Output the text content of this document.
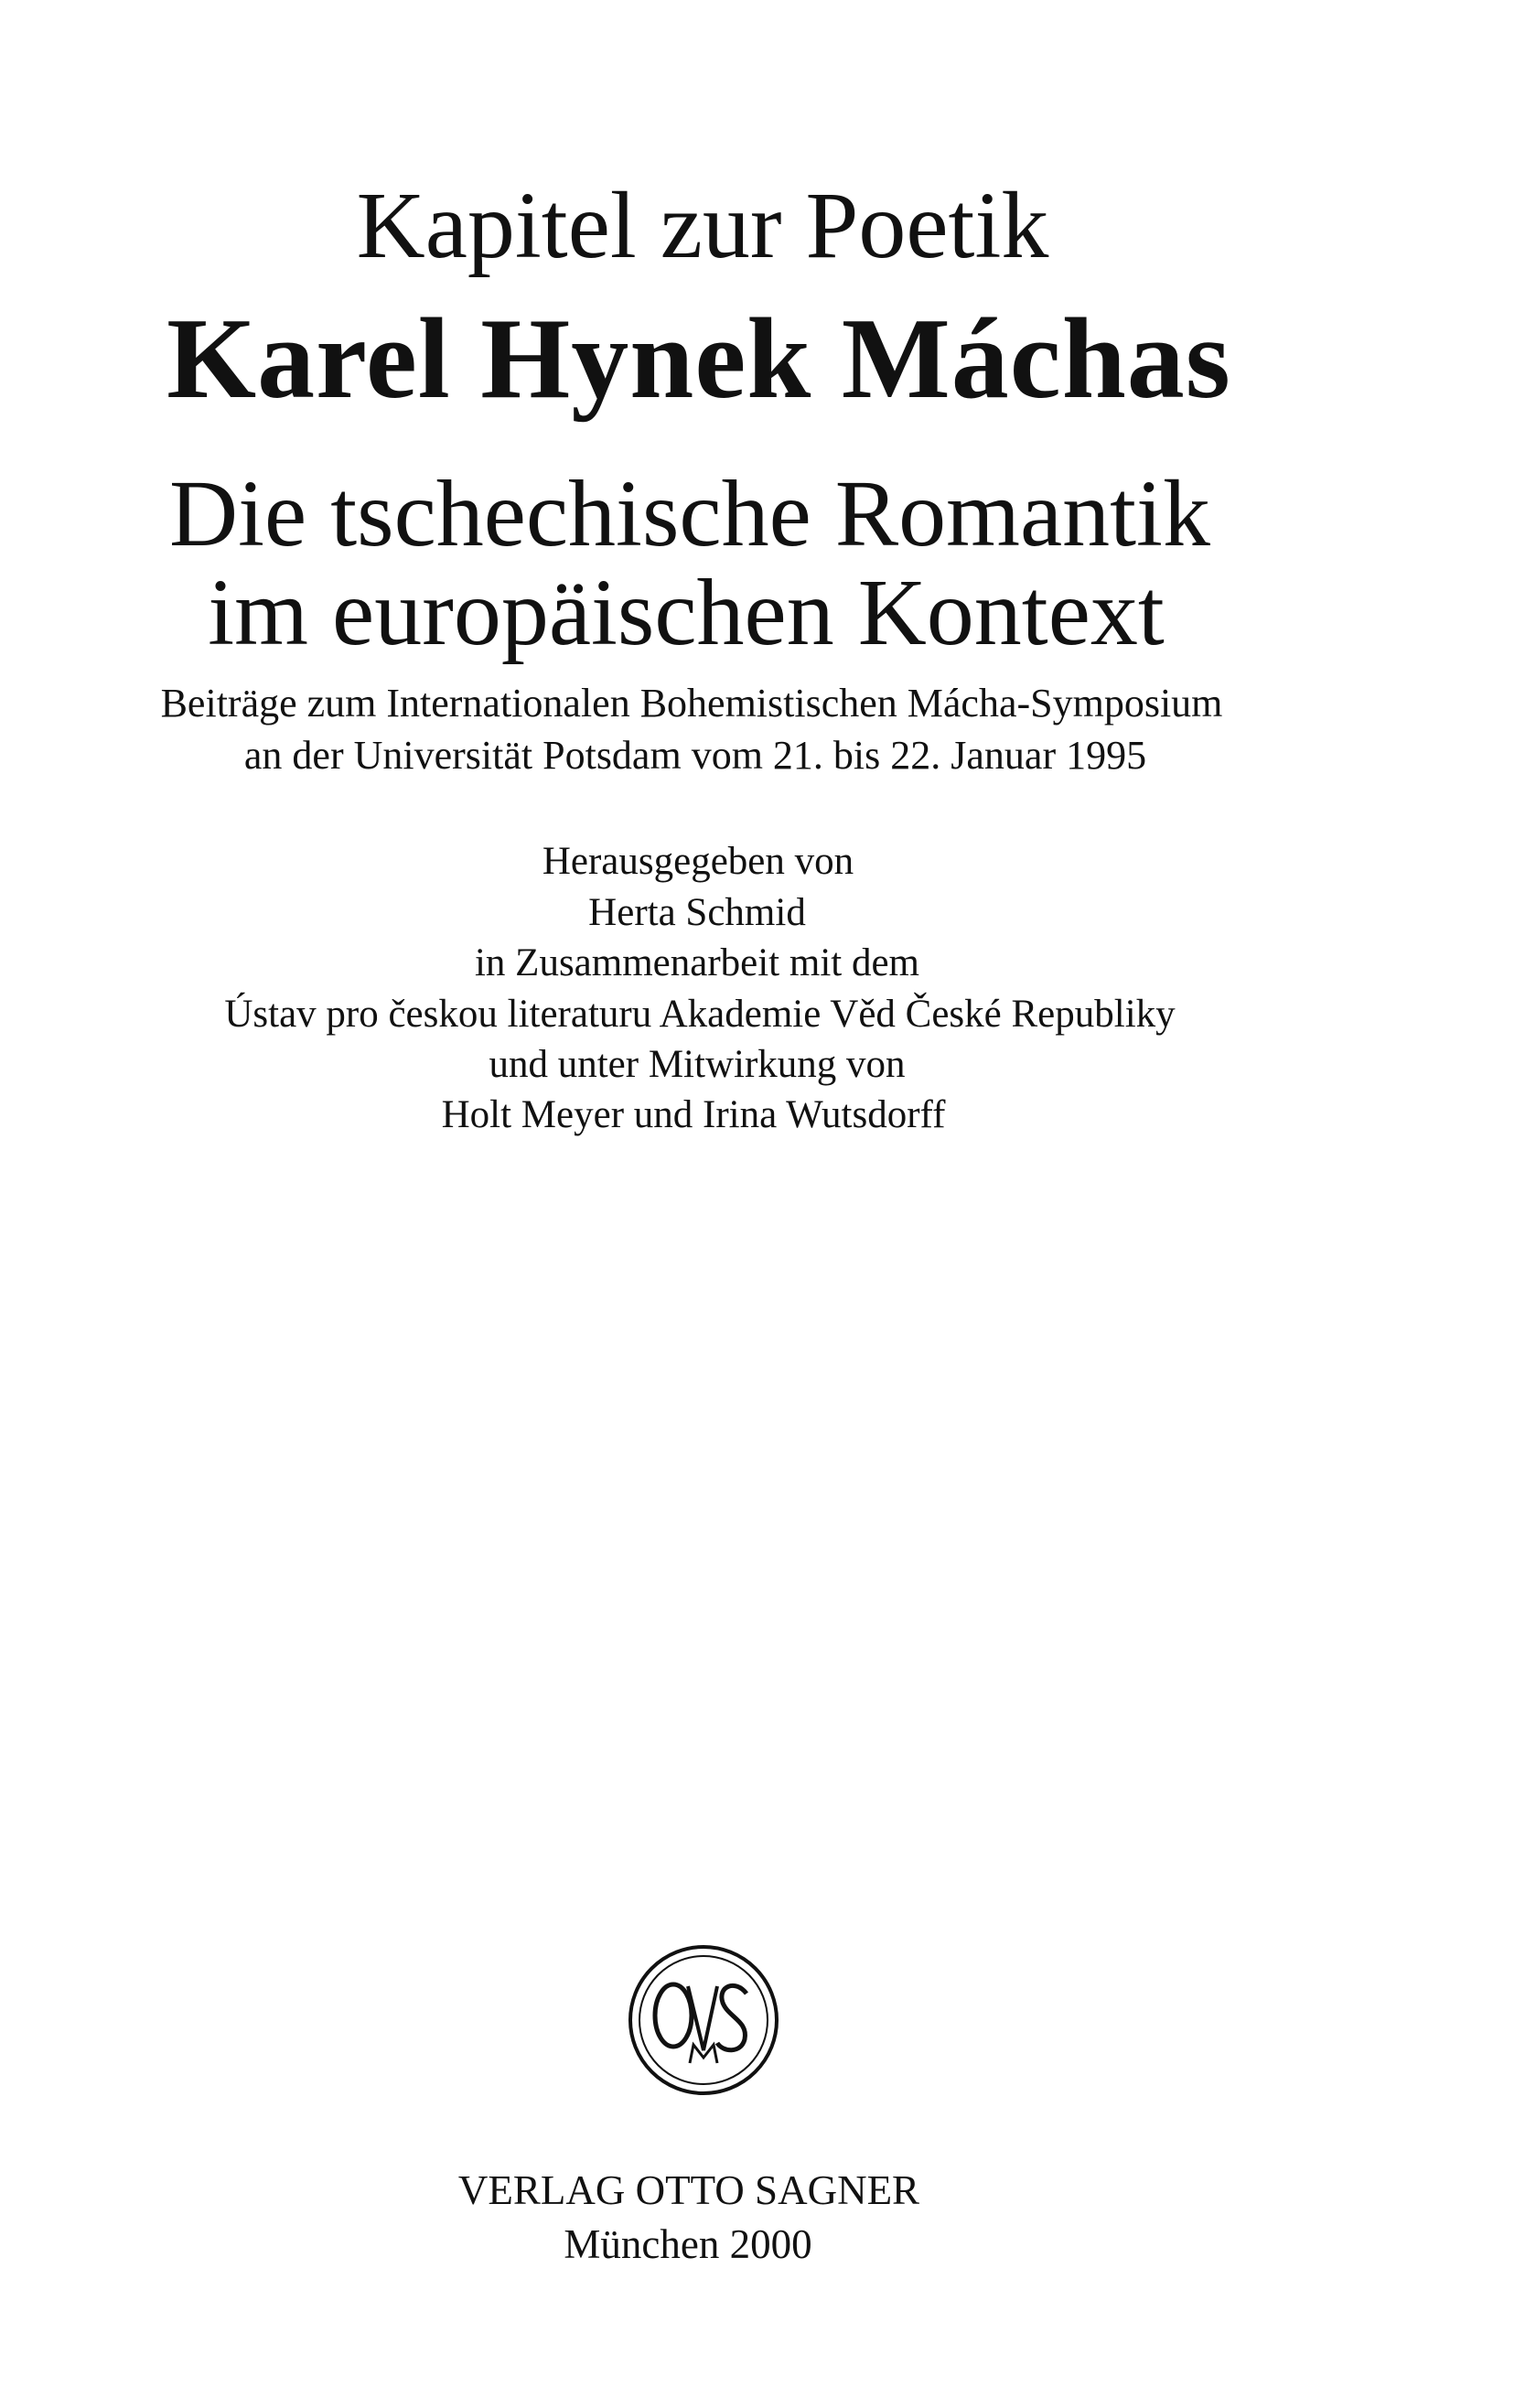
Kapitel zur Poetik
Karel Hynek Máchas
Die tschechische Romantik
im europäischen Kontext
Beiträge zum Internationalen Bohemistischen Mácha-Symposium
an der Universität Potsdam vom 21. bis 22. Januar 1995
Herausgegeben von
Herta Schmid
in Zusammenarbeit mit dem
Ústav pro českou literaturu Akademie Věd České Republiky
und unter Mitwirkung von
Holt Meyer und Irina Wutsdorff
VERLAG OTTO SAGNER
München 2000
